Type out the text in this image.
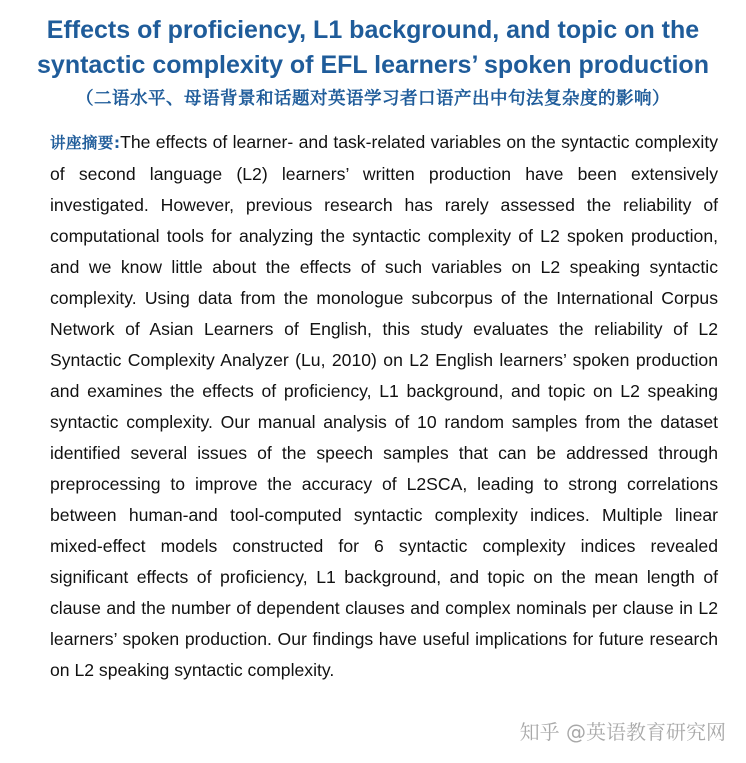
Effects of proficiency, L1 background, and topic on the
syntactic complexity of EFL learners’ spoken production
（二语水平、母语背景和话题对英语学习者口语产出中句法复杂度的影响）

讲座摘要:The effects of learner- and task-related variables on the syntactic complexity of second language (L2) learners’ written production have been extensively investigated. However, previous research has rarely assessed the reliability of computational tools for analyzing the syntactic complexity of L2 spoken production, and we know little about the effects of such variables on L2 speaking syntactic complexity. Using data from the monologue subcorpus of the International Corpus Network of Asian Learners of English, this study evaluates the reliability of L2 Syntactic Complexity Analyzer (Lu, 2010) on L2 English learners’ spoken production and examines the effects of proficiency, L1 background, and topic on L2 speaking syntactic complexity. Our manual analysis of 10 random samples from the dataset identified several issues of the speech samples that can be addressed through preprocessing to improve the accuracy of L2SCA, leading to strong correlations between human-and tool-computed syntactic complexity indices. Multiple linear mixed-effect models constructed for 6 syntactic complexity indices revealed significant effects of proficiency, L1 background, and topic on the mean length of clause and the number of dependent clauses and complex nominals per clause in L2 learners’ spoken production. Our findings have useful implications for future research on L2 speaking syntactic complexity.

知乎 @英语教育研究网
